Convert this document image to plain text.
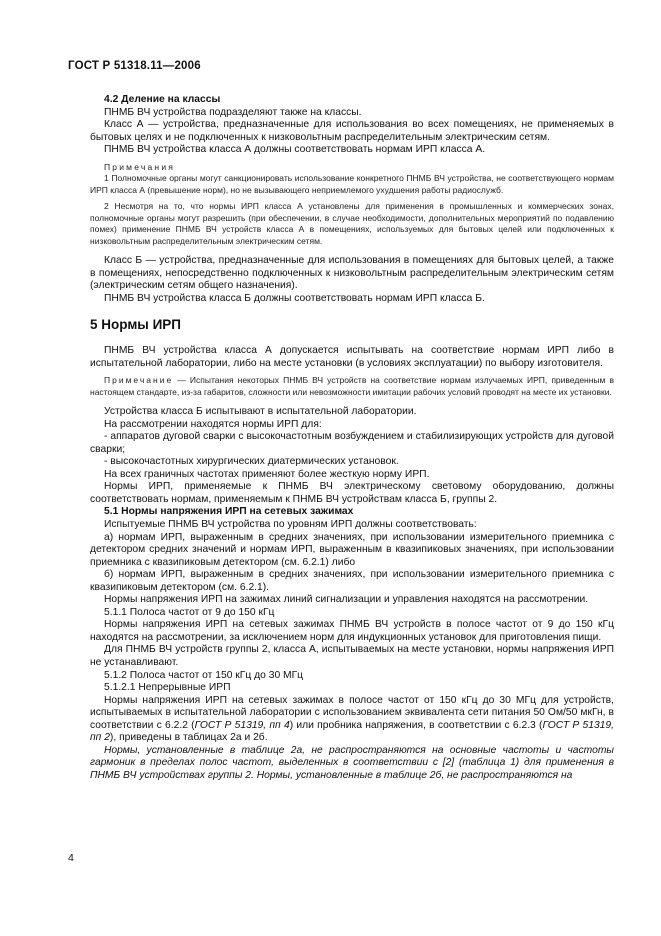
ГОСТ Р 51318.11—2006

4.2 Деление на классы

ПНМБ ВЧ устройства подразделяют также на классы.

Класс А — устройства, предназначенные для использования во всех помещениях, не применяемых в бытовых целях и не подключенных к низковольтным распределительным электрическим сетям.

ПНМБ ВЧ устройства класса А должны соответствовать нормам ИРП класса А.

Примечания

1 Полномочные органы могут санкционировать использование конкретного ПНМБ ВЧ устройства, не соответствующего нормам ИРП класса А (превышение норм), но не вызывающего неприемлемого ухудшения работы радиослужб.

2 Несмотря на то, что нормы ИРП класса А установлены для применения в промышленных и коммерческих зонах, полномочные органы могут разрешить (при обеспечении, в случае необходимости, дополнительных мероприятий по подавлению помех) применение ПНМБ ВЧ устройств класса А в помещениях, используемых для бытовых целей или подключенных к низковольтным распределительным электрическим сетям.

Класс Б — устройства, предназначенные для использования в помещениях для бытовых целей, а также в помещениях, непосредственно подключенных к низковольтным распределительным электрическим сетям (электрическим сетям общего назначения).

ПНМБ ВЧ устройства класса Б должны соответствовать нормам ИРП класса Б.

5 Нормы ИРП

ПНМБ ВЧ устройства класса А допускается испытывать на соответствие нормам ИРП либо в испытательной лаборатории, либо на месте установки (в условиях эксплуатации) по выбору изготовителя.

Примечание — Испытания некоторых ПНМБ ВЧ устройств на соответствие нормам излучаемых ИРП, приведенным в настоящем стандарте, из-за габаритов, сложности или невозможности имитации рабочих условий проводят на месте их установки.

Устройства класса Б испытывают в испытательной лаборатории.

На рассмотрении находятся нормы ИРП для:

- аппаратов дуговой сварки с высокочастотным возбуждением и стабилизирующих устройств для дуговой сварки;

- высокочастотных хирургических диатермических установок.

На всех граничных частотах применяют более жесткую норму ИРП.

Нормы ИРП, применяемые к ПНМБ ВЧ электрическому световому оборудованию, должны соответствовать нормам, применяемым к ПНМБ ВЧ устройствам класса Б, группы 2.

5.1 Нормы напряжения ИРП на сетевых зажимах

Испытуемые ПНМБ ВЧ устройства по уровням ИРП должны соответствовать:

а) нормам ИРП, выраженным в средних значениях, при использовании измерительного приемника с детектором средних значений и нормам ИРП, выраженным в квазипиковых значениях, при использовании приемника с квазипиковым детектором (см. 6.2.1) либо

б) нормам ИРП, выраженным в средних значениях, при использовании измерительного приемника с квазипиковым детектором (см. 6.2.1).

Нормы напряжения ИРП на зажимах линий сигнализации и управления находятся на рассмотрении.

5.1.1 Полоса частот от 9 до 150 кГц

Нормы напряжения ИРП на сетевых зажимах ПНМБ ВЧ устройств в полосе частот от 9 до 150 кГц находятся на рассмотрении, за исключением норм для индукционных установок для приготовления пищи.

Для ПНМБ ВЧ устройств группы 2, класса А, испытываемых на месте установки, нормы напряжения ИРП не устанавливают.

5.1.2 Полоса частот от 150 кГц до 30 МГц

5.1.2.1 Непрерывные ИРП

Нормы напряжения ИРП на сетевых зажимах в полосе частот от 150 кГц до 30 МГц для устройств, испытываемых в испытательной лаборатории с использованием эквивалента сети питания 50 Ом/50 мкГн, в соответствии с 6.2.2 (ГОСТ Р 51319, пп 4) или пробника напряжения, в соответствии с 6.2.3 (ГОСТ Р 51319, пп 2), приведены в таблицах 2а и 2б.

Нормы, установленные в таблице 2а, не распространяются на основные частоты и частоты гармоник в пределах полос частот, выделенных в соответствии с [2] (таблица 1) для применения в ПНМБ ВЧ устройствах группы 2. Нормы, установленные в таблице 2б, не распространяются на

4
